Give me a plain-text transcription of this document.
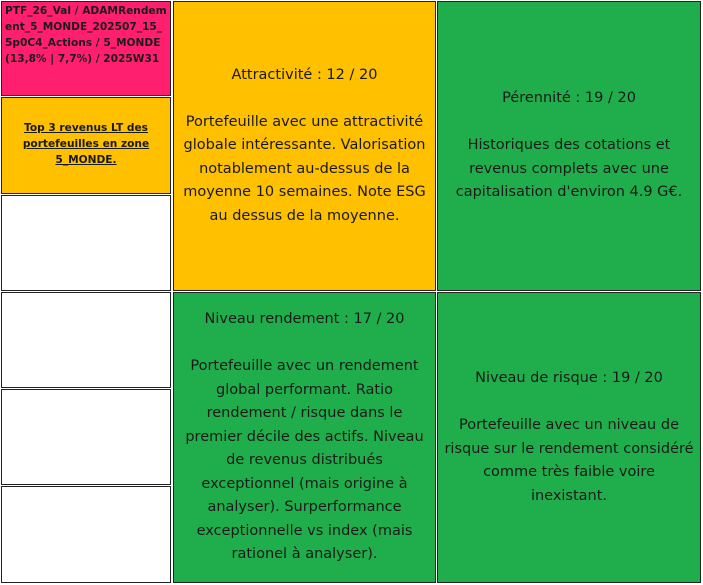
PTF_26_Val / ADAMRendement_5_MONDE_202507_15_5p0C4_Actions / 5_MONDE (13,8% | 7,7%) / 2025W31
Top 3 revenus LT des portefeuilles en zone 5_MONDE.
Attractivité : 12 / 20
Portefeuille avec une attractivité globale intéressante. Valorisation notablement au-dessus de la moyenne 10 semaines. Note ESG au dessus de la moyenne.
Pérennité : 19 / 20
Historiques des cotations et revenus complets avec une capitalisation d'environ 4.9 G€.
Niveau rendement : 17 / 20
Portefeuille avec un rendement global performant. Ratio rendement / risque dans le premier décile des actifs. Niveau de revenus distribués exceptionnel (mais origine à analyser). Surperformance exceptionnelle vs index (mais rationel à analyser).
Niveau de risque : 19 / 20
Portefeuille avec un niveau de risque sur le rendement considéré comme très faible voire inexistant.
